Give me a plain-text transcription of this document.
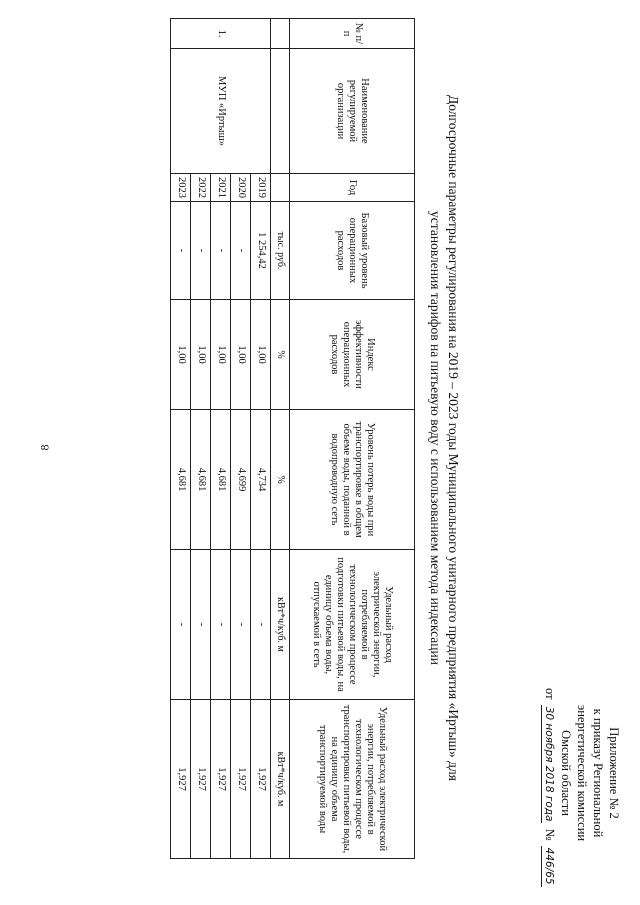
8
Приложение № 2
к приказу Региональной
энергетической комиссии
Омской области
от 30 ноября 2018 года № 446/65
Долгосрочные параметры регулирования на 2019 – 2023 годы Муниципального унитарного предприятия «Иртыш» для
установления тарифов на питьевую воду с использованием метода индексации
№ п/п	Наименование регулируемой организации	Год	Базовый уровень операционных расходов	Индекс эффективности операционных расходов	Уровень потерь воды при транспортировке в общем объеме воды, поданной в водопроводную сеть	Удельный расход электрической энергии, потребляемой в технологическом процессе подготовки питьевой воды, на единицу объема воды, отпускаемой в сеть	Удельный расход электрической энергии, потребляемой в технологическом процессе транспортировки питьевой воды, на единицу объема транспортируемой воды
			тыс. руб.	%	%	кВт*ч/куб. м	кВт*ч/куб. м
1.	МУП «Иртыш»	2019	1 254,42	1,00	4,734	-	1,927
		2020	-	1,00	4,699	-	1,927
		2021	-	1,00	4,681	-	1,927
		2022	-	1,00	4,681	-	1,927
		2023	-	1,00	4,681	-	1,927
